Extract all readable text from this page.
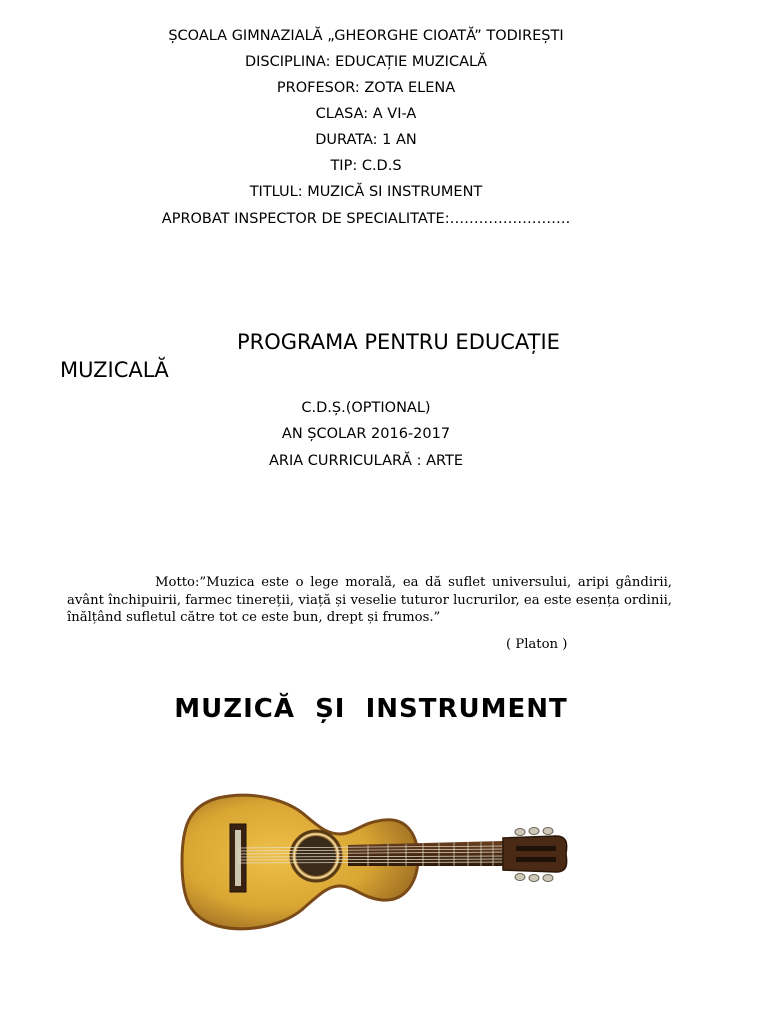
ȘCOALA GIMNAZIALĂ „GHEORGHE CIOATĂ” TODIREȘTI
DISCIPLINA: EDUCAȚIE MUZICALĂ
PROFESOR: ZOTA ELENA
CLASA: A VI-A
DURATA: 1 AN
TIP: C.D.S
TITLUL: MUZICĂ SI INSTRUMENT
APROBAT INSPECTOR DE SPECIALITATE:…………………….
PROGRAMA PENTRU EDUCAȚIE
MUZICALĂ
C.D.Ș.(OPTIONAL)
AN ȘCOLAR 2016-2017
ARIA CURRICULARĂ : ARTE
Motto:”Muzica este o lege morală, ea dă suflet universului, aripi gândirii, avânt închipuirii, farmec tinereții, viață și veselie tuturor lucrurilor, ea este esența ordinii, înălțând sufletul către tot ce este bun, drept și frumos.”
( Platon )
MUZICĂ  ȘI  INSTRUMENT
